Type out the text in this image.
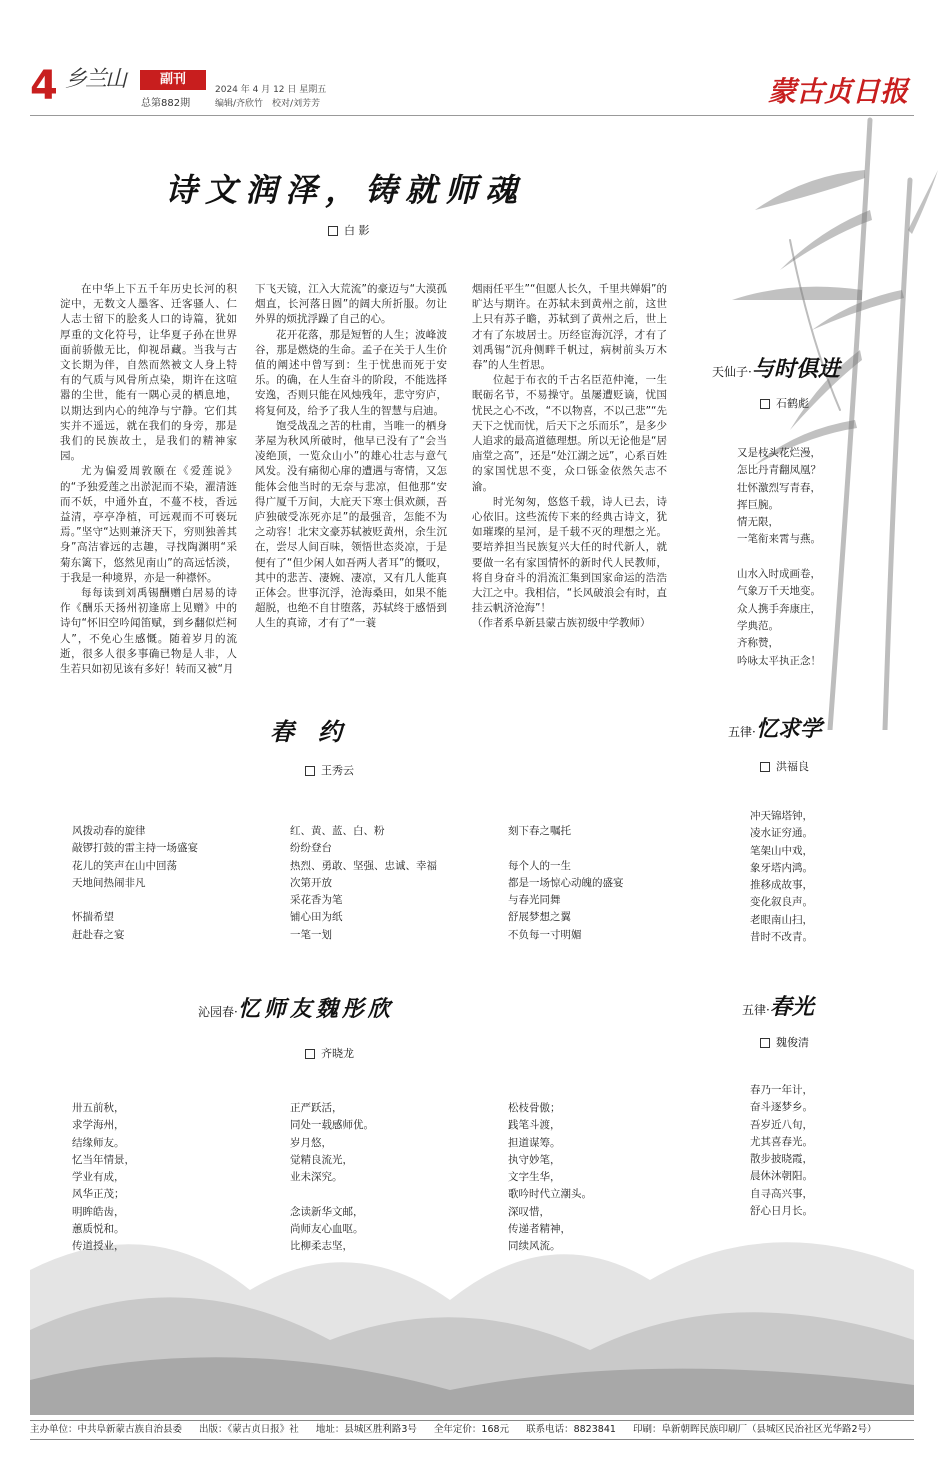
4 乡兰山	副刊
总第882期
2024 年 4 月 12 日 星期五
编辑/齐欣竹　校对/刘芳芳	蒙古贞日报
诗文润泽，铸就师魂
白 影

在中华上下五千年历史长河的积淀中，无数文人墨客、迁客骚人、仁人志士留下的脍炙人口的诗篇，犹如厚重的文化符号，让华夏子孙在世界面前骄傲无比，仰视昂藏。当我与古文长期为伴，自然而然被文人身上特有的气质与风骨所点染，期许在这喧嚣的尘世，能有一隅心灵的栖息地，以期达到内心的纯净与宁静。它们其实并不遥远，就在我们的身旁，那是我们的民族故土，是我们的精神家园。

尤为偏爱周敦颐在《爱莲说》的“予独爱莲之出淤泥而不染，濯清涟而不妖，中通外直，不蔓不枝，香远益清，亭亭净植，可远观而不可亵玩焉。”坚守“达则兼济天下，穷则独善其身”高洁睿远的志趣，寻找陶渊明“采菊东篱下，悠然见南山”的高远恬淡，于我是一种境界，亦是一种襟怀。

每每读到刘禹锡酬赠白居易的诗作《酬乐天扬州初逢席上见赠》中的诗句“怀旧空吟闻笛赋，到乡翻似烂柯人”，不免心生感慨。随着岁月的流逝，很多人很多事确已物是人非，人生若只如初见该有多好！转而又被“月

下飞天镜，江入大荒流”的豪迈与“大漠孤烟直，长河落日圆”的阔大所折服。勿让外界的烦扰浮躁了自己的心。

花开花落，那是短暂的人生；波峰波谷，那是燃烧的生命。孟子在关于人生价值的阐述中曾写到：生于忧患而死于安乐。的确，在人生奋斗的阶段，不能选择安逸，否则只能在风烛残年，悲守穷庐，将复何及，给予了我人生的智慧与启迪。

饱受战乱之苦的杜甫，当唯一的栖身茅屋为秋风所破时，他早已没有了“会当凌绝顶，一览众山小”的雄心壮志与意气风发。没有痛彻心扉的遭遇与寄情，又怎能体会他当时的无奈与悲凉，但他那“安得广厦千万间，大庇天下寒士俱欢颜，吾庐独破受冻死亦足”的最强音，怎能不为之动容！北宋文豪苏轼被贬黄州，余生沉在，尝尽人间百味，领悟世态炎凉，于是便有了“但少闲人如吾两人者耳”的慨叹，其中的悲苦、凄婉、凄凉，又有几人能真正体会。世事沉浮，沧海桑田，如果不能超脱，也绝不自甘堕落，苏轼终于感悟到人生的真谛，才有了“一蓑

烟雨任平生”“但愿人长久，千里共婵娟”的旷达与期许。在苏轼未到黄州之前，这世上只有苏子瞻，苏轼到了黄州之后，世上才有了东坡居士。历经宦海沉浮，才有了刘禹锡“沉舟侧畔千帆过，病树前头万木春”的人生哲思。

位起于布衣的千古名臣范仲淹，一生眠砺名节，不易操守。虽屡遭贬谪，忧国忧民之心不改，“不以物喜，不以己悲”“先天下之忧而忧，后天下之乐而乐”，是多少人追求的最高道德理想。所以无论他是“居庙堂之高”，还是“处江湖之远”，心系百姓的家国忧思不变，众口铄金依然矢志不渝。

时光匆匆，悠悠千载，诗人已去，诗心依旧。这些流传下来的经典古诗文，犹如璀璨的星河，是千载不灭的理想之光。要培养担当民族复兴大任的时代新人，就要做一名有家国情怀的新时代人民教师，将自身奋斗的涓流汇集到国家命运的浩浩大江之中。我相信，“长风破浪会有时，直挂云帆济沧海”！

（作者系阜新县蒙古族初级中学教师）

天仙子·与时俱进
石鹤彪
又是枝头花烂漫，
怎比丹青翻凤凰？
壮怀激烈写青春，
挥巨腕。
情无限，
一笔衔来霄与燕。

山水入时成画卷，
气象万千天地变。
众人携手奔康庄，
学典范。
齐称赞，
吟咏太平执正念！
春　约
王秀云
风拨动春的旋律
敲锣打鼓的雷主持一场盛宴
花儿的笑声在山中回荡
天地间热闹非凡

怀揣希望
赶赴春之宴
红、黄、蓝、白、粉
纷纷登台
热烈、勇敢、坚强、忠诚、幸福
次第开放
采花香为笔
铺心田为纸
一笔一划
刻下春之嘱托

每个人的一生
都是一场惊心动魄的盛宴
与春光同舞
舒展梦想之翼
不负每一寸明媚
五律·忆求学
洪福良
冲天锦塔钟，
凌水证穷通。
笔架山中戏，
象牙塔内鸿。
推移成故事，
变化叙良声。
老眼南山扫，
昔时不改青。
沁园春·忆师友魏彤欣
齐晓龙
卅五前秋，
求学海州，
结缘师友。
忆当年情景，
学业有成，
风华正茂；
明眸皓齿，
蕙质悦和。
传道授业，
正严跃活，
同处一载感师优。
岁月悠，
觉精良流光，
业未深究。

念读新华文邮，
尚师友心血呕。
比柳柔志坚，
松枝骨傲；
践笔斗渡，
担道谋筹。
执守妙笔，
文字生华，
歌吟时代立潮头。
深叹惜，
传递者精神，
同续风流。
五律·春光
魏俊清
春乃一年计，
奋斗逐梦乡。
吾岁近八旬，
尤其喜春光。
散步披晓霞，
晨休沐朝阳。
自寻高兴事，
舒心日月长。
主办单位：中共阜新蒙古族自治县委 出版：《蒙古贞日报》社 地址：县城区胜利路3号 全年定价：168元 联系电话：8823841 印刷：阜新朝晖民族印刷厂（县城区民治社区光华路2号）
